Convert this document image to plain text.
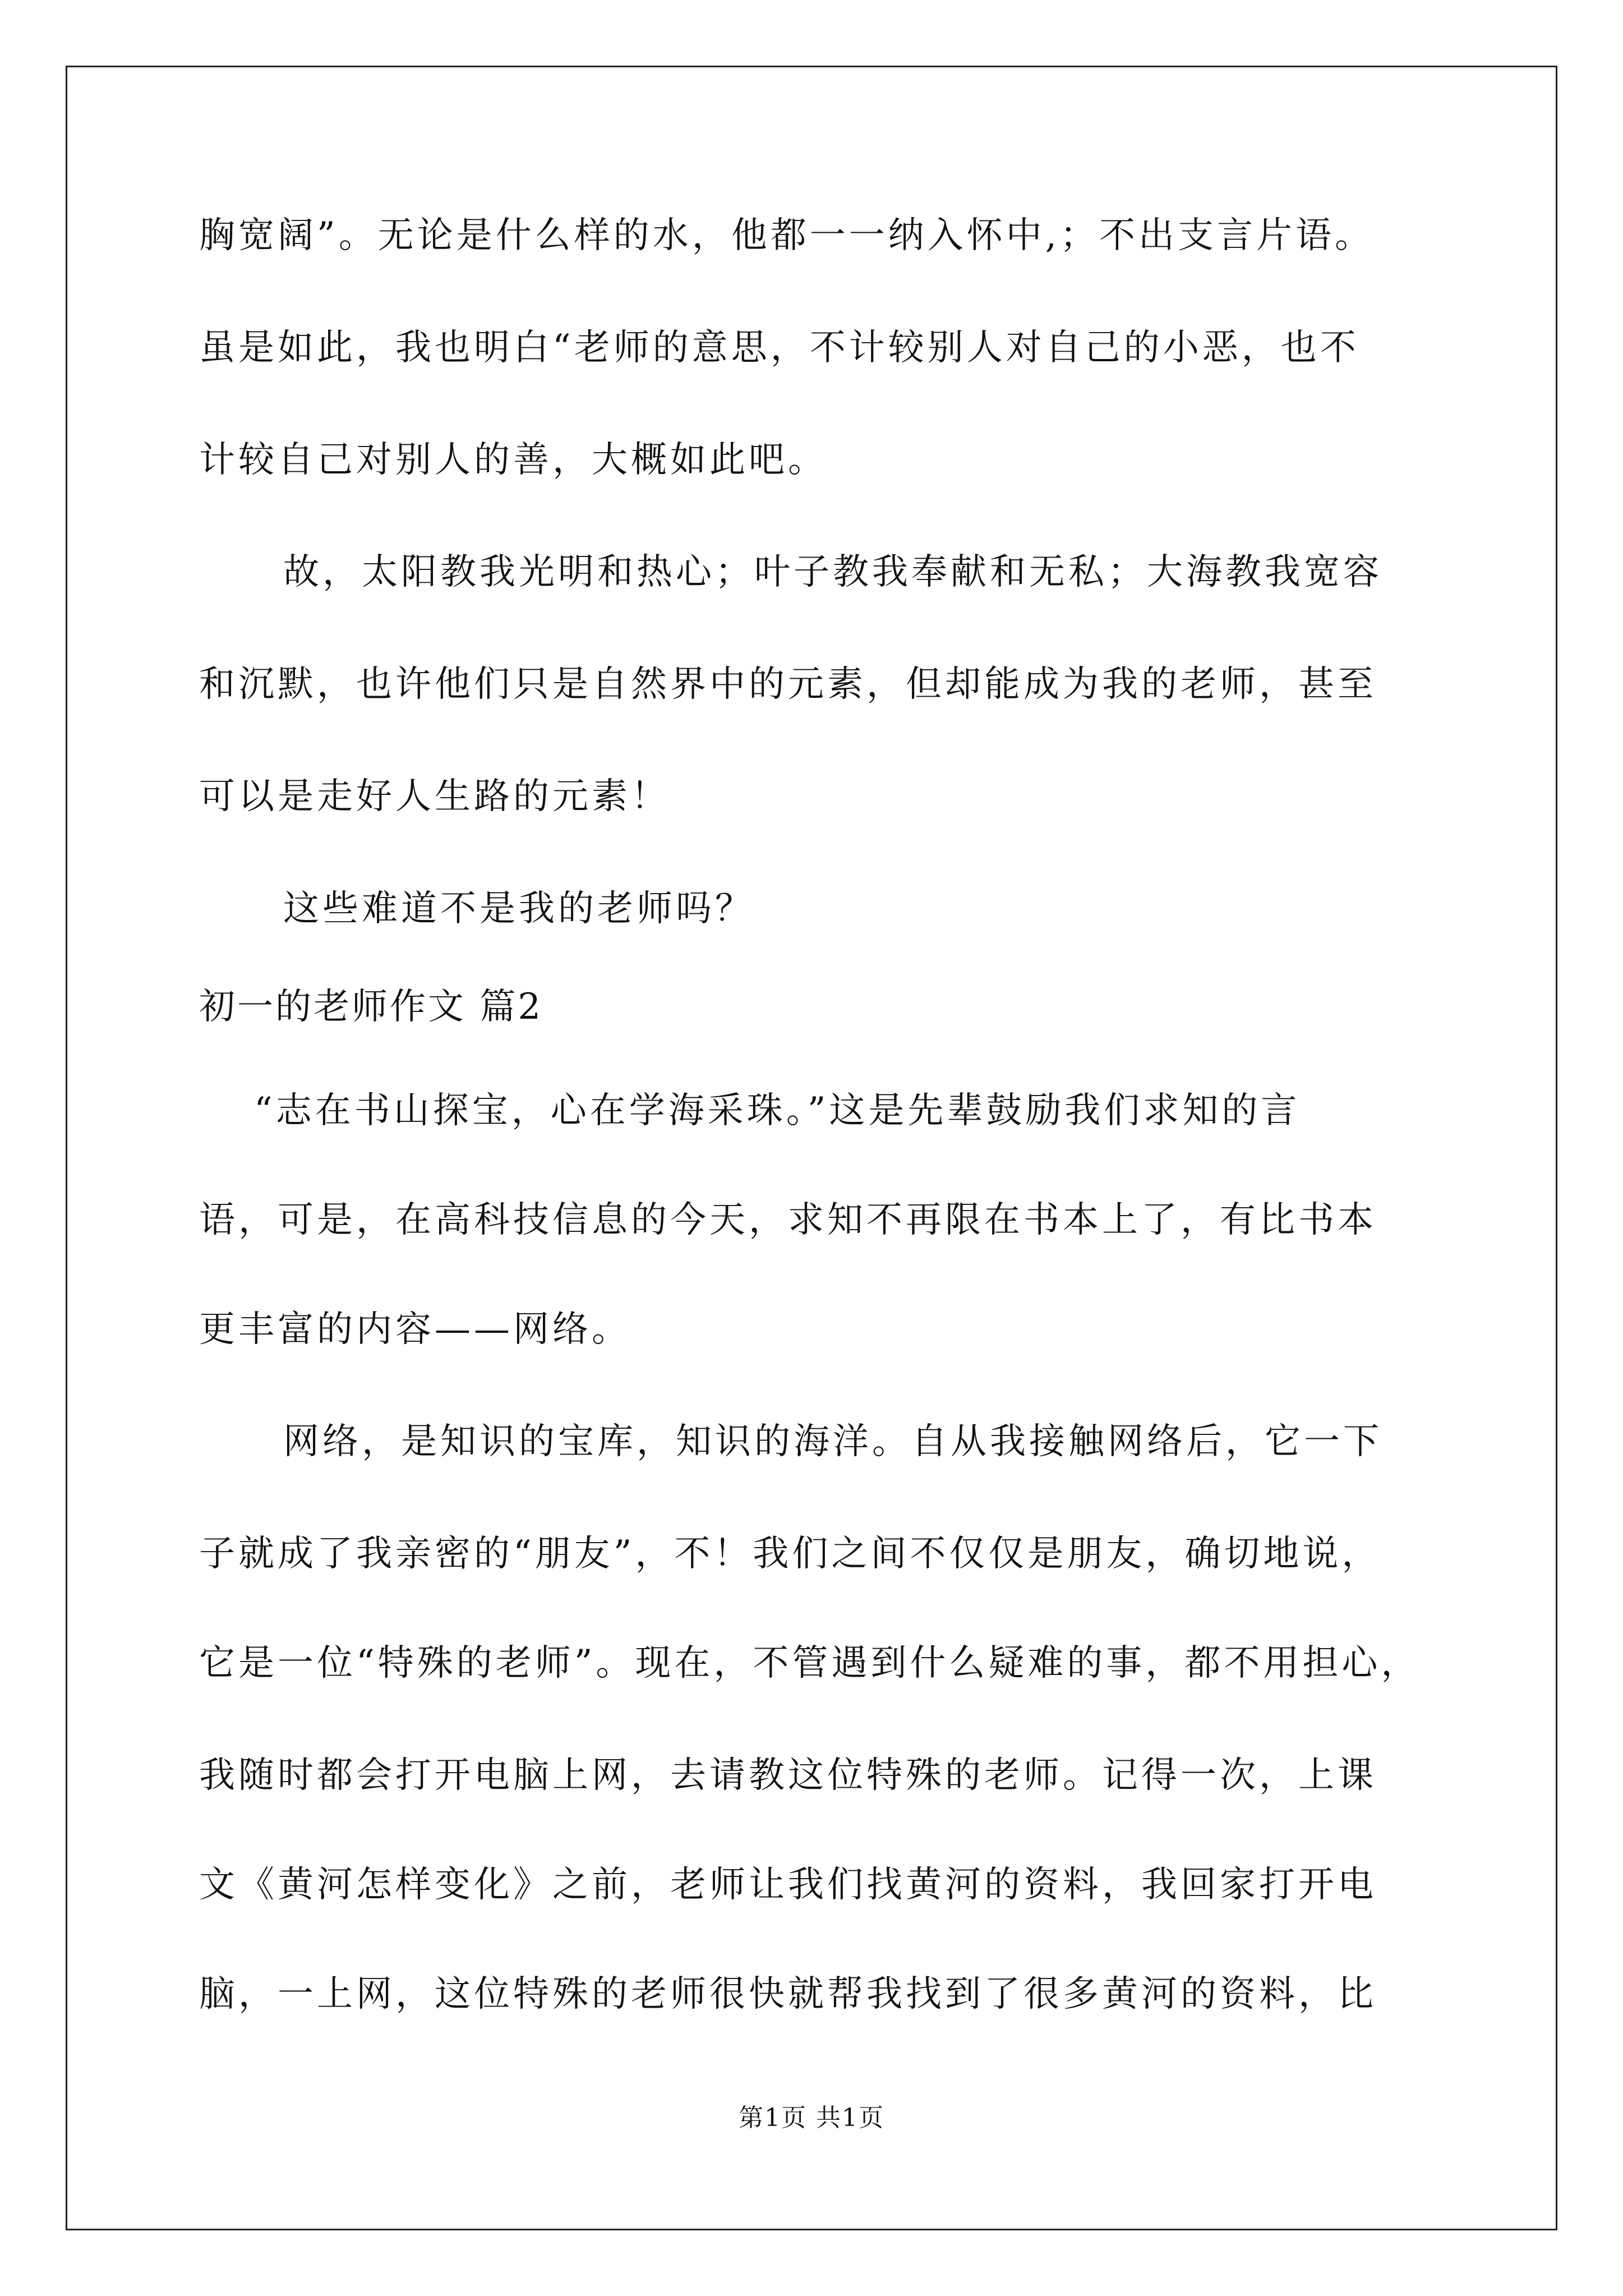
胸宽阔”。无论是什么样的水，他都一一纳入怀中,；不出支言片语。
虽是如此，我也明白“老师的意思，不计较别人对自己的小恶，也不
计较自己对别人的善，大概如此吧。
故，太阳教我光明和热心；叶子教我奉献和无私；大海教我宽容
和沉默，也许他们只是自然界中的元素，但却能成为我的老师，甚至
可以是走好人生路的元素！
这些难道不是我的老师吗？
初一的老师作文 篇2
“志在书山探宝，心在学海采珠。”这是先辈鼓励我们求知的言
语，可是，在高科技信息的今天，求知不再限在书本上了，有比书本
更丰富的内容——网络。
网络，是知识的宝库，知识的海洋。自从我接触网络后，它一下
子就成了我亲密的“朋友”，不！我们之间不仅仅是朋友，确切地说，
它是一位“特殊的老师”。现在，不管遇到什么疑难的事，都不用担心，
我随时都会打开电脑上网，去请教这位特殊的老师。记得一次，上课
文《黄河怎样变化》之前，老师让我们找黄河的资料，我回家打开电
脑，一上网，这位特殊的老师很快就帮我找到了很多黄河的资料，比
第1页 共1页
